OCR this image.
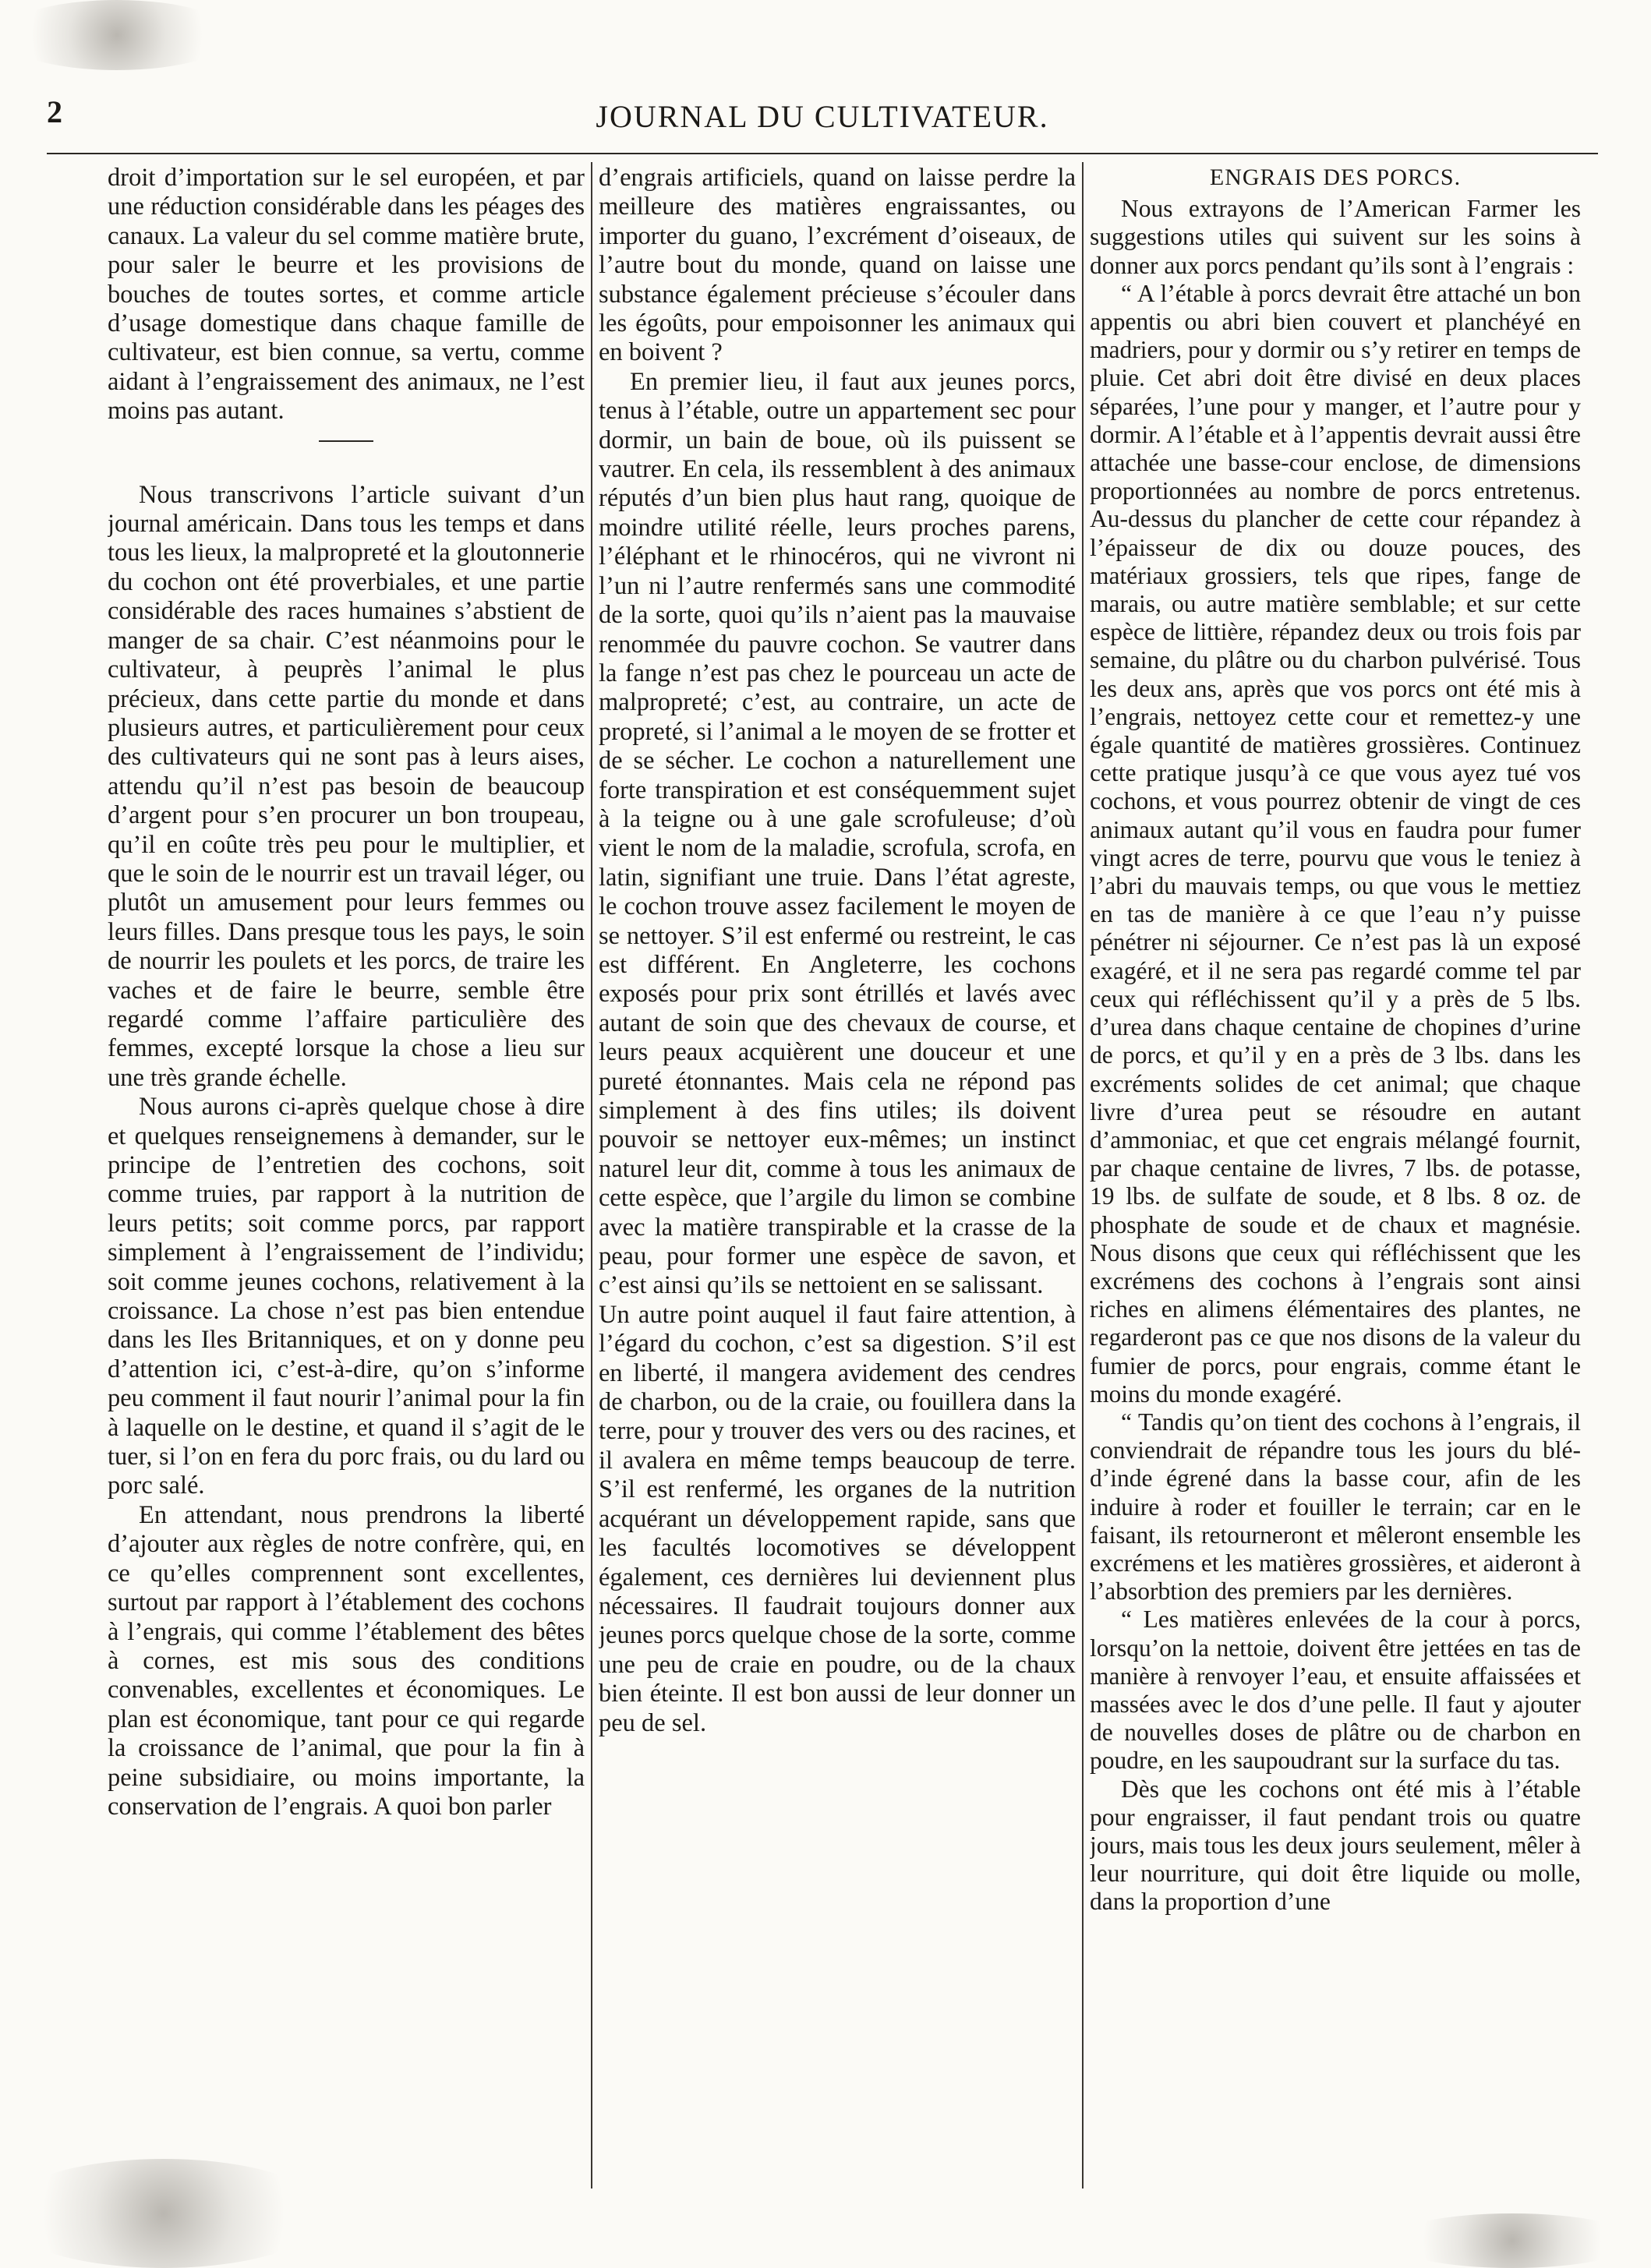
2	JOURNAL DU CULTIVATEUR.

droit d’importation sur le sel européen, et par une réduction considérable dans les péages des canaux. La valeur du sel comme matière brute, pour saler le beurre et les provisions de bouches de toutes sortes, et comme article d’usage domestique dans chaque famille de cultivateur, est bien connue, sa vertu, comme aidant à l’engraissement des animaux, ne l’est moins pas autant.

Nous transcrivons l’article suivant d’un journal américain. Dans tous les temps et dans tous les lieux, la malpropreté et la gloutonnerie du cochon ont été proverbiales, et une partie considérable des races humaines s’abstient de manger de sa chair. C’est néanmoins pour le cultivateur, à peuprès l’animal le plus précieux, dans cette partie du monde et dans plusieurs autres, et particulièrement pour ceux des cultivateurs qui ne sont pas à leurs aises, attendu qu’il n’est pas besoin de beaucoup d’argent pour s’en procurer un bon troupeau, qu’il en coûte très peu pour le multiplier, et que le soin de le nourrir est un travail léger, ou plutôt un amusement pour leurs femmes ou leurs filles. Dans presque tous les pays, le soin de nourrir les poulets et les porcs, de traire les vaches et de faire le beurre, semble être regardé comme l’affaire particulière des femmes, excepté lorsque la chose a lieu sur une très grande échelle.

Nous aurons ci-après quelque chose à dire et quelques renseignemens à demander, sur le principe de l’entretien des cochons, soit comme truies, par rapport à la nutrition de leurs petits; soit comme porcs, par rapport simplement à l’engraissement de l’individu; soit comme jeunes cochons, relativement à la croissance. La chose n’est pas bien entendue dans les Iles Britanniques, et on y donne peu d’attention ici, c’est-à-dire, qu’on s’informe peu comment il faut nourir l’animal pour la fin à laquelle on le destine, et quand il s’agit de le tuer, si l’on en fera du porc frais, ou du lard ou porc salé.

En attendant, nous prendrons la liberté d’ajouter aux règles de notre confrère, qui, en ce qu’elles comprennent sont excellentes, surtout par rapport à l’établement des cochons à l’engrais, qui comme l’établement des bêtes à cornes, est mis sous des conditions convenables, excellentes et économiques. Le plan est économique, tant pour ce qui regarde la croissance de l’animal, que pour la fin à peine subsidiaire, ou moins importante, la conservation de l’engrais. A quoi bon parler

d’engrais artificiels, quand on laisse perdre la meilleure des matières engraissantes, ou importer du guano, l’excrément d’oiseaux, de l’autre bout du monde, quand on laisse une substance également précieuse s’écouler dans les égoûts, pour empoisonner les animaux qui en boivent ?

En premier lieu, il faut aux jeunes porcs, tenus à l’étable, outre un appartement sec pour dormir, un bain de boue, où ils puissent se vautrer. En cela, ils ressemblent à des animaux réputés d’un bien plus haut rang, quoique de moindre utilité réelle, leurs proches parens, l’éléphant et le rhinocéros, qui ne vivront ni l’un ni l’autre renfermés sans une commodité de la sorte, quoi qu’ils n’aient pas la mauvaise renommée du pauvre cochon. Se vautrer dans la fange n’est pas chez le pourceau un acte de malpropreté; c’est, au contraire, un acte de propreté, si l’animal a le moyen de se frotter et de se sécher. Le cochon a naturellement une forte transpiration et est conséquemment sujet à la teigne ou à une gale scrofuleuse; d’où vient le nom de la maladie, scrofula, scrofa, en latin, signifiant une truie. Dans l’état agreste, le cochon trouve assez facilement le moyen de se nettoyer. S’il est enfermé ou restreint, le cas est différent. En Angleterre, les cochons exposés pour prix sont étrillés et lavés avec autant de soin que des chevaux de course, et leurs peaux acquièrent une douceur et une pureté étonnantes. Mais cela ne répond pas simplement à des fins utiles; ils doivent pouvoir se nettoyer eux-mêmes; un instinct naturel leur dit, comme à tous les animaux de cette espèce, que l’argile du limon se combine avec la matière transpirable et la crasse de la peau, pour former une espèce de savon, et c’est ainsi qu’ils se nettoient en se salissant.

Un autre point auquel il faut faire attention, à l’égard du cochon, c’est sa digestion. S’il est en liberté, il mangera avidement des cendres de charbon, ou de la craie, ou fouillera dans la terre, pour y trouver des vers ou des racines, et il avalera en même temps beaucoup de terre. S’il est renfermé, les organes de la nutrition acquérant un développement rapide, sans que les facultés locomotives se développent également, ces dernières lui deviennent plus nécessaires. Il faudrait toujours donner aux jeunes porcs quelque chose de la sorte, comme une peu de craie en poudre, ou de la chaux bien éteinte. Il est bon aussi de leur donner un peu de sel.

ENGRAIS DES PORCS.

Nous extrayons de l’American Farmer les suggestions utiles qui suivent sur les soins à donner aux porcs pendant qu’ils sont à l’engrais :

“ A l’étable à porcs devrait être attaché un bon appentis ou abri bien couvert et planchéyé en madriers, pour y dormir ou s’y retirer en temps de pluie. Cet abri doit être divisé en deux places séparées, l’une pour y manger, et l’autre pour y dormir. A l’étable et à l’appentis devrait aussi être attachée une basse-cour enclose, de dimensions proportionnées au nombre de porcs entretenus. Au-dessus du plancher de cette cour répandez à l’épaisseur de dix ou douze pouces, des matériaux grossiers, tels que ripes, fange de marais, ou autre matière semblable; et sur cette espèce de littière, répandez deux ou trois fois par semaine, du plâtre ou du charbon pulvérisé. Tous les deux ans, après que vos porcs ont été mis à l’engrais, nettoyez cette cour et remettez-y une égale quantité de matières grossières. Continuez cette pratique jusqu’à ce que vous ayez tué vos cochons, et vous pourrez obtenir de vingt de ces animaux autant qu’il vous en faudra pour fumer vingt acres de terre, pourvu que vous le teniez à l’abri du mauvais temps, ou que vous le mettiez en tas de manière à ce que l’eau n’y puisse pénétrer ni séjourner. Ce n’est pas là un exposé exagéré, et il ne sera pas regardé comme tel par ceux qui réfléchissent qu’il y a près de 5 lbs. d’urea dans chaque centaine de chopines d’urine de porcs, et qu’il y en a près de 3 lbs. dans les excréments solides de cet animal; que chaque livre d’urea peut se résoudre en autant d’ammoniac, et que cet engrais mélangé fournit, par chaque centaine de livres, 7 lbs. de potasse, 19 lbs. de sulfate de soude, et 8 lbs. 8 oz. de phosphate de soude et de chaux et magnésie. Nous disons que ceux qui réfléchissent que les excrémens des cochons à l’engrais sont ainsi riches en alimens élémentaires des plantes, ne regarderont pas ce que nos disons de la valeur du fumier de porcs, pour engrais, comme étant le moins du monde exagéré.

“ Tandis qu’on tient des cochons à l’engrais, il conviendrait de répandre tous les jours du blé-d’inde égrené dans la basse cour, afin de les induire à roder et fouiller le terrain; car en le faisant, ils retourneront et mêleront ensemble les excrémens et les matières grossières, et aideront à l’absorbtion des premiers par les dernières.

“ Les matières enlevées de la cour à porcs, lorsqu’on la nettoie, doivent être jettées en tas de manière à renvoyer l’eau, et ensuite affaissées et massées avec le dos d’une pelle. Il faut y ajouter de nouvelles doses de plâtre ou de charbon en poudre, en les saupoudrant sur la surface du tas.

Dès que les cochons ont été mis à l’étable pour engraisser, il faut pendant trois ou quatre jours, mais tous les deux jours seulement, mêler à leur nourriture, qui doit être liquide ou molle, dans la proportion d’une
